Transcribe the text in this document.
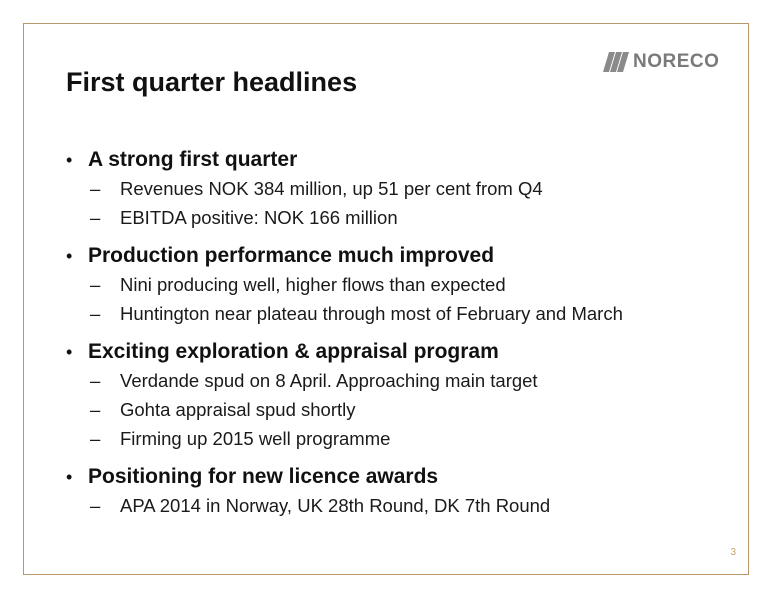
NORECO
First quarter headlines
• A strong first quarter
–	Revenues NOK 384 million, up 51 per cent from Q4
–	EBITDA positive: NOK 166 million
• Production performance much improved
–	Nini producing well, higher flows than expected
–	Huntington near plateau through most of February and March
• Exciting exploration & appraisal program
–	Verdande spud on 8 April. Approaching main target
–	Gohta appraisal spud shortly
–	Firming up 2015 well programme
• Positioning for new licence awards
–	APA 2014 in Norway, UK 28th Round, DK 7th Round
3
